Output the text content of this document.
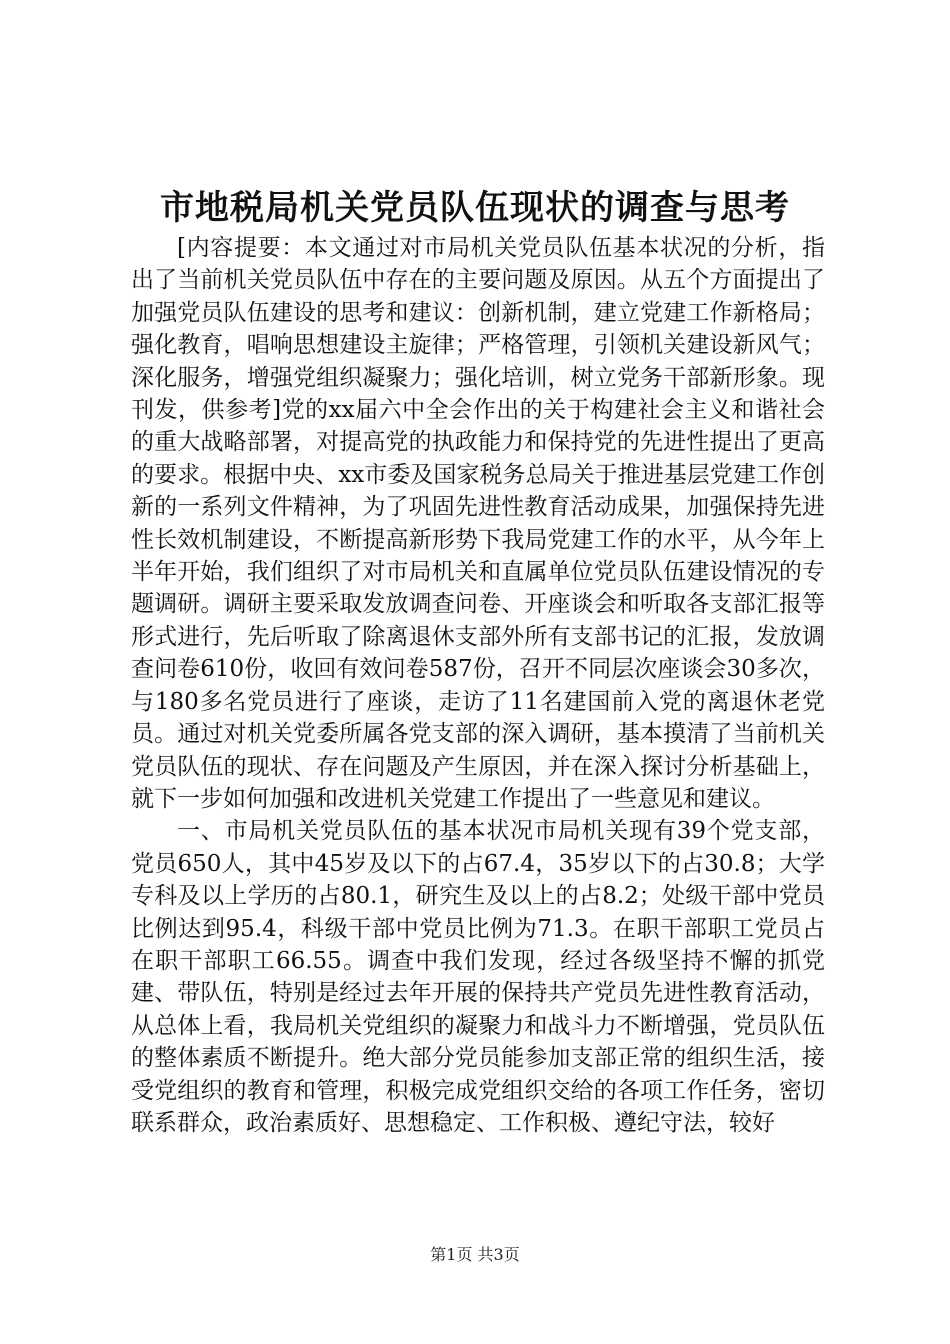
市地税局机关党员队伍现状的调查与思考

[内容提要：本文通过对市局机关党员队伍基本状况的分析，指出了当前机关党员队伍中存在的主要问题及原因。从五个方面提出了加强党员队伍建设的思考和建议：创新机制，建立党建工作新格局；强化教育，唱响思想建设主旋律；严格管理，引领机关建设新风气；深化服务，增强党组织凝聚力；强化培训，树立党务干部新形象。现刊发，供参考]党的xx届六中全会作出的关于构建社会主义和谐社会的重大战略部署，对提高党的执政能力和保持党的先进性提出了更高的要求。根据中央、xx市委及国家税务总局关于推进基层党建工作创新的一系列文件精神，为了巩固先进性教育活动成果，加强保持先进性长效机制建设，不断提高新形势下我局党建工作的水平，从今年上半年开始，我们组织了对市局机关和直属单位党员队伍建设情况的专题调研。调研主要采取发放调查问卷、开座谈会和听取各支部汇报等形式进行，先后听取了除离退休支部外所有支部书记的汇报，发放调查问卷610份，收回有效问卷587份，召开不同层次座谈会30多次，与180多名党员进行了座谈，走访了11名建国前入党的离退休老党员。通过对机关党委所属各党支部的深入调研，基本摸清了当前机关党员队伍的现状、存在问题及产生原因，并在深入探讨分析基础上，就下一步如何加强和改进机关党建工作提出了一些意见和建议。

一、市局机关党员队伍的基本状况市局机关现有39个党支部，党员650人，其中45岁及以下的占67.4，35岁以下的占30.8；大学专科及以上学历的占80.1，研究生及以上的占8.2；处级干部中党员比例达到95.4，科级干部中党员比例为71.3。在职干部职工党员占在职干部职工66.55。调查中我们发现，经过各级坚持不懈的抓党建、带队伍，特别是经过去年开展的保持共产党员先进性教育活动，从总体上看，我局机关党组织的凝聚力和战斗力不断增强，党员队伍的整体素质不断提升。绝大部分党员能参加支部正常的组织生活，接受党组织的教育和管理，积极完成党组织交给的各项工作任务，密切联系群众，政治素质好、思想稳定、工作积极、遵纪守法，较好

第1页 共3页
